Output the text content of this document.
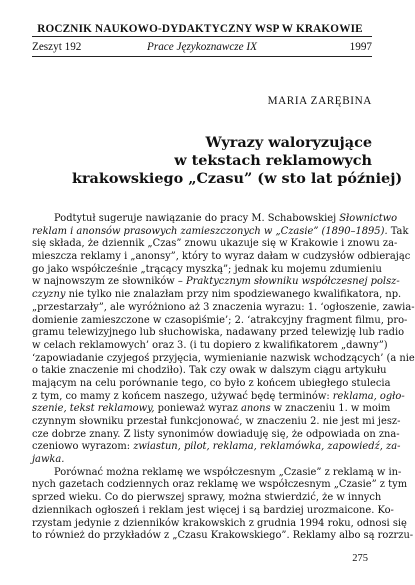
ROCZNIK NAUKOWO-DYDAKTYCZNY WSP W KRAKOWIE
Zeszyt 192	Prace Językoznawcze IX	1997
MARIA ZARĘBINA
Wyrazy waloryzujące
w tekstach reklamowych
krakowskiego „Czasu” (w sto lat później)
Podtytuł sugeruje nawiązanie do pracy M. Schabowskiej Słownictwo
reklam i anonsów prasowych zamieszczonych w „Czasie” (1890–1895). Tak
się składa, że dziennik „Czas” znowu ukazuje się w Krakowie i znowu za-
mieszcza reklamy i „anonsy”, który to wyraz dałam w cudzysłów odbierając
go jako współcześnie „trącący myszką”; jednak ku mojemu zdumieniu
w najnowszym ze słowników – Praktycznym słowniku współczesnej polsz-
czyzny nie tylko nie znalazłam przy nim spodziewanego kwalifikatora, np.
„przestarzały”, ale wyróżniono aż 3 znaczenia wyrazu: 1. ‘ogłoszenie, zawia-
domienie zamieszczone w czasopiśmie’; 2. ‘atrakcyjny fragment filmu, pro-
gramu telewizyjnego lub słuchowiska, nadawany przed telewizję lub radio
w celach reklamowych’ oraz 3. (i tu dopiero z kwalifikatorem „dawny”)
‘zapowiadanie czyjegoś przyjęcia, wymienianie nazwisk wchodzących’ (a nie
o takie znaczenie mi chodziło). Tak czy owak w dalszym ciągu artykułu
mającym na celu porównanie tego, co było z końcem ubiegłego stulecia
z tym, co mamy z końcem naszego, używać będę terminów: reklama, ogło-
szenie, tekst reklamowy, ponieważ wyraz anons w znaczeniu 1. w moim
czynnym słowniku przestał funkcjonować, w znaczeniu 2. nie jest mi jesz-
cze dobrze znany. Z listy synonimów dowiaduję się, że odpowiada on zna-
czeniowo wyrazom: zwiastun, pilot, reklama, reklamówka, zapowiedź, za-
jawka.
Porównać można reklamę we współczesnym „Czasie” z reklamą w in-
nych gazetach codziennych oraz reklamę we współczesnym „Czasie” z tym
sprzed wieku. Co do pierwszej sprawy, można stwierdzić, że w innych
dziennikach ogłoszeń i reklam jest więcej i są bardziej urozmaicone. Ko-
rzystam jedynie z dzienników krakowskich z grudnia 1994 roku, odnosi się
to również do przykładów z „Czasu Krakowskiego”. Reklamy albo są rozrzu-
275
